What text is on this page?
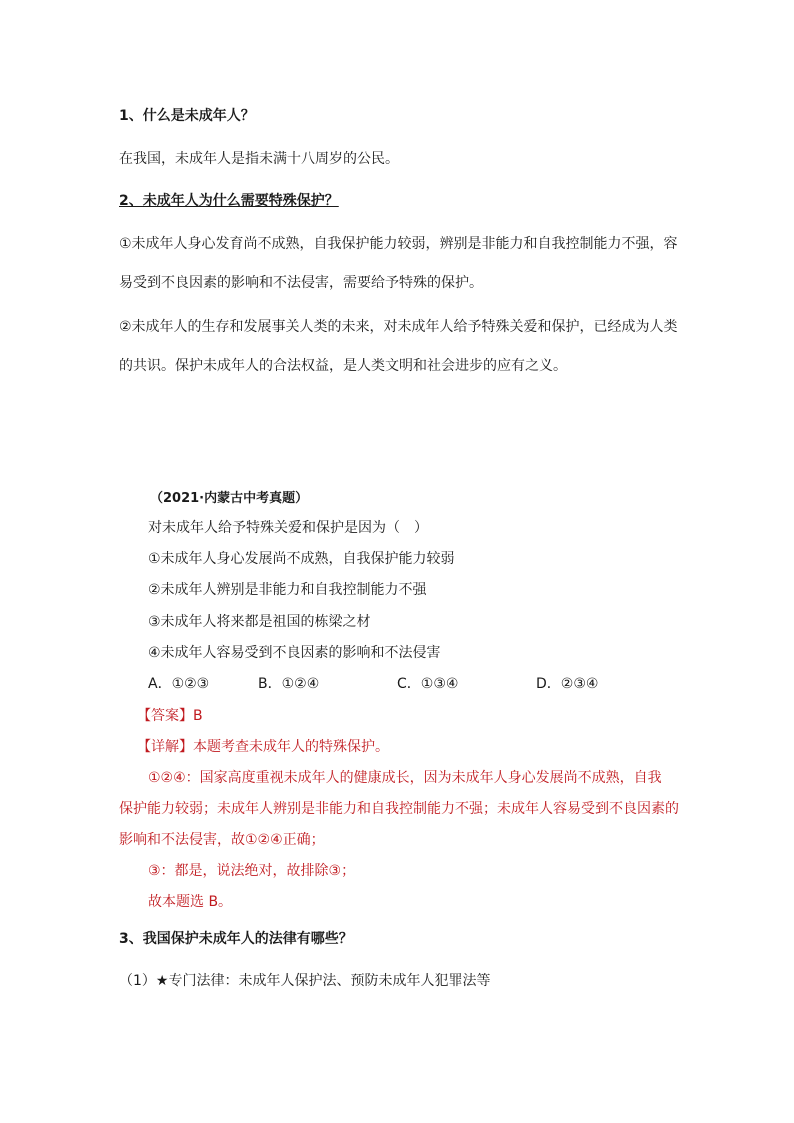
1、什么是未成年人？
在我国，未成年人是指未满十八周岁的公民。
2、未成年人为什么需要特殊保护？
①未成年人身心发育尚不成熟，自我保护能力较弱，辨别是非能力和自我控制能力不强，容
易受到不良因素的影响和不法侵害，需要给予特殊的保护。
②未成年人的生存和发展事关人类的未来，对未成年人给予特殊关爱和保护，已经成为人类
的共识。保护未成年人的合法权益，是人类文明和社会进步的应有之义。
（2021·内蒙古中考真题）
对未成年人给予特殊关爱和保护是因为（　）
①未成年人身心发展尚不成熟，自我保护能力较弱
②未成年人辨别是非能力和自我控制能力不强
③未成年人将来都是祖国的栋梁之材
④未成年人容易受到不良因素的影响和不法侵害
A．①②③	B．①②④	C．①③④	D．②③④
【答案】B
【详解】本题考查未成年人的特殊保护。
①②④：国家高度重视未成年人的健康成长，因为未成年人身心发展尚不成熟，自我
保护能力较弱；未成年人辨别是非能力和自我控制能力不强；未成年人容易受到不良因素的
影响和不法侵害，故①②④正确；
③：都是，说法绝对，故排除③；
故本题选 B。
3、我国保护未成年人的法律有哪些？
（1）★专门法律：未成年人保护法、预防未成年人犯罪法等
